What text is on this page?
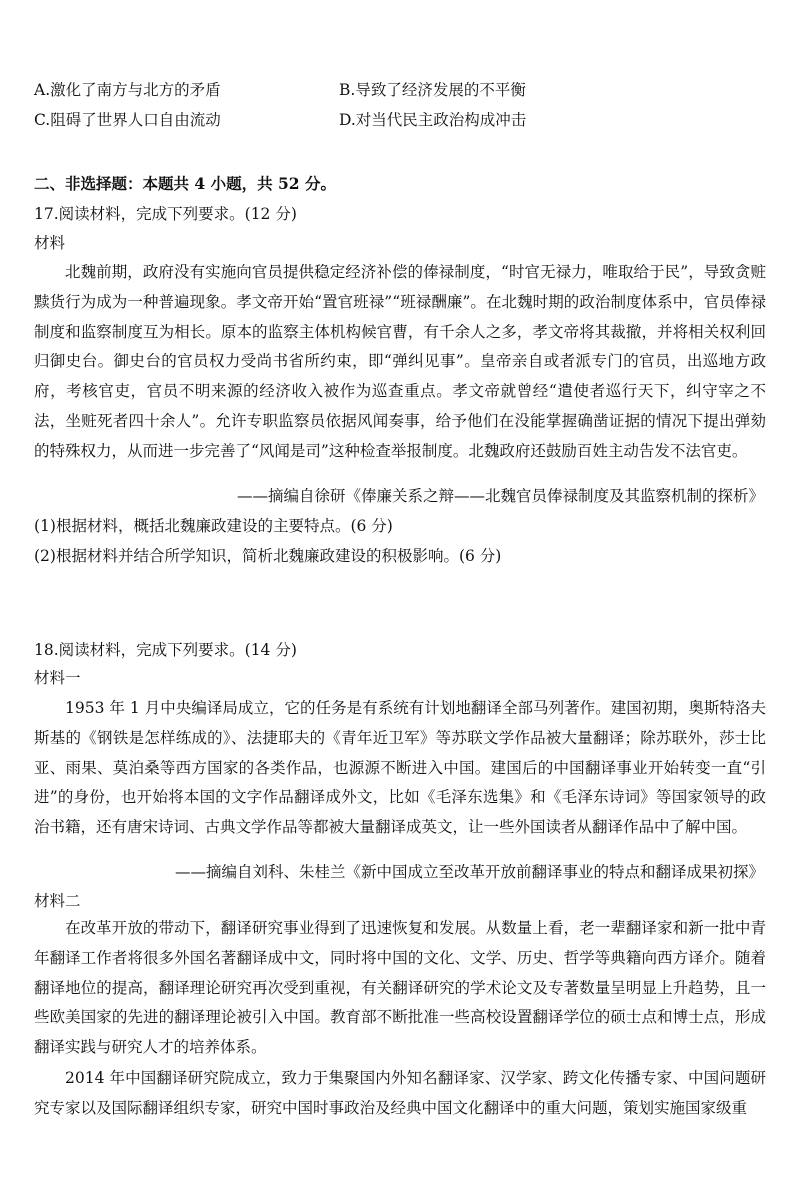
A.激化了南方与北方的矛盾	B.导致了经济发展的不平衡
C.阻碍了世界人口自由流动	D.对当代民主政治构成冲击
二、非选择题：本题共 4 小题，共 52 分。
17.阅读材料，完成下列要求。(12 分)
材料
北魏前期，政府没有实施向官员提供稳定经济补偿的俸禄制度，“时官无禄力，唯取给于民”，导致贪赃黩货行为成为一种普遍现象。孝文帝开始“置官班禄”“班禄酬廉”。在北魏时期的政治制度体系中，官员俸禄制度和监察制度互为相长。原本的监察主体机构候官曹，有千余人之多，孝文帝将其裁撤，并将相关权利回归御史台。御史台的官员权力受尚书省所约束，即“弹纠见事”。皇帝亲自或者派专门的官员，出巡地方政府，考核官吏，官员不明来源的经济收入被作为巡查重点。孝文帝就曾经“遣使者巡行天下，纠守宰之不法，坐赃死者四十余人”。允许专职监察员依据风闻奏事，给予他们在没能掌握确凿证据的情况下提出弹劾的特殊权力，从而进一步完善了“风闻是司”这种检查举报制度。北魏政府还鼓励百姓主动告发不法官吏。
——摘编自徐研《俸廉关系之辩——北魏官员俸禄制度及其监察机制的探析》
(1)根据材料，概括北魏廉政建设的主要特点。(6 分)
(2)根据材料并结合所学知识，简析北魏廉政建设的积极影响。(6 分)
18.阅读材料，完成下列要求。(14 分)
材料一
1953 年 1 月中央编译局成立，它的任务是有系统有计划地翻译全部马列著作。建国初期，奥斯特洛夫斯基的《钢铁是怎样练成的》、法捷耶夫的《青年近卫军》等苏联文学作品被大量翻译；除苏联外，莎士比亚、雨果、莫泊桑等西方国家的各类作品，也源源不断进入中国。建国后的中国翻译事业开始转变一直“引进”的身份，也开始将本国的文字作品翻译成外文，比如《毛泽东选集》和《毛泽东诗词》等国家领导的政治书籍，还有唐宋诗词、古典文学作品等都被大量翻译成英文，让一些外国读者从翻译作品中了解中国。
——摘编自刘科、朱桂兰《新中国成立至改革开放前翻译事业的特点和翻译成果初探》
材料二
在改革开放的带动下，翻译研究事业得到了迅速恢复和发展。从数量上看，老一辈翻译家和新一批中青年翻译工作者将很多外国名著翻译成中文，同时将中国的文化、文学、历史、哲学等典籍向西方译介。随着翻译地位的提高，翻译理论研究再次受到重视，有关翻译研究的学术论文及专著数量呈明显上升趋势，且一些欧美国家的先进的翻译理论被引入中国。教育部不断批准一些高校设置翻译学位的硕士点和博士点，形成翻译实践与研究人才的培养体系。
2014 年中国翻译研究院成立，致力于集聚国内外知名翻译家、汉学家、跨文化传播专家、中国问题研究专家以及国际翻译组织专家，研究中国时事政治及经典中国文化翻译中的重大问题，策划实施国家级重
